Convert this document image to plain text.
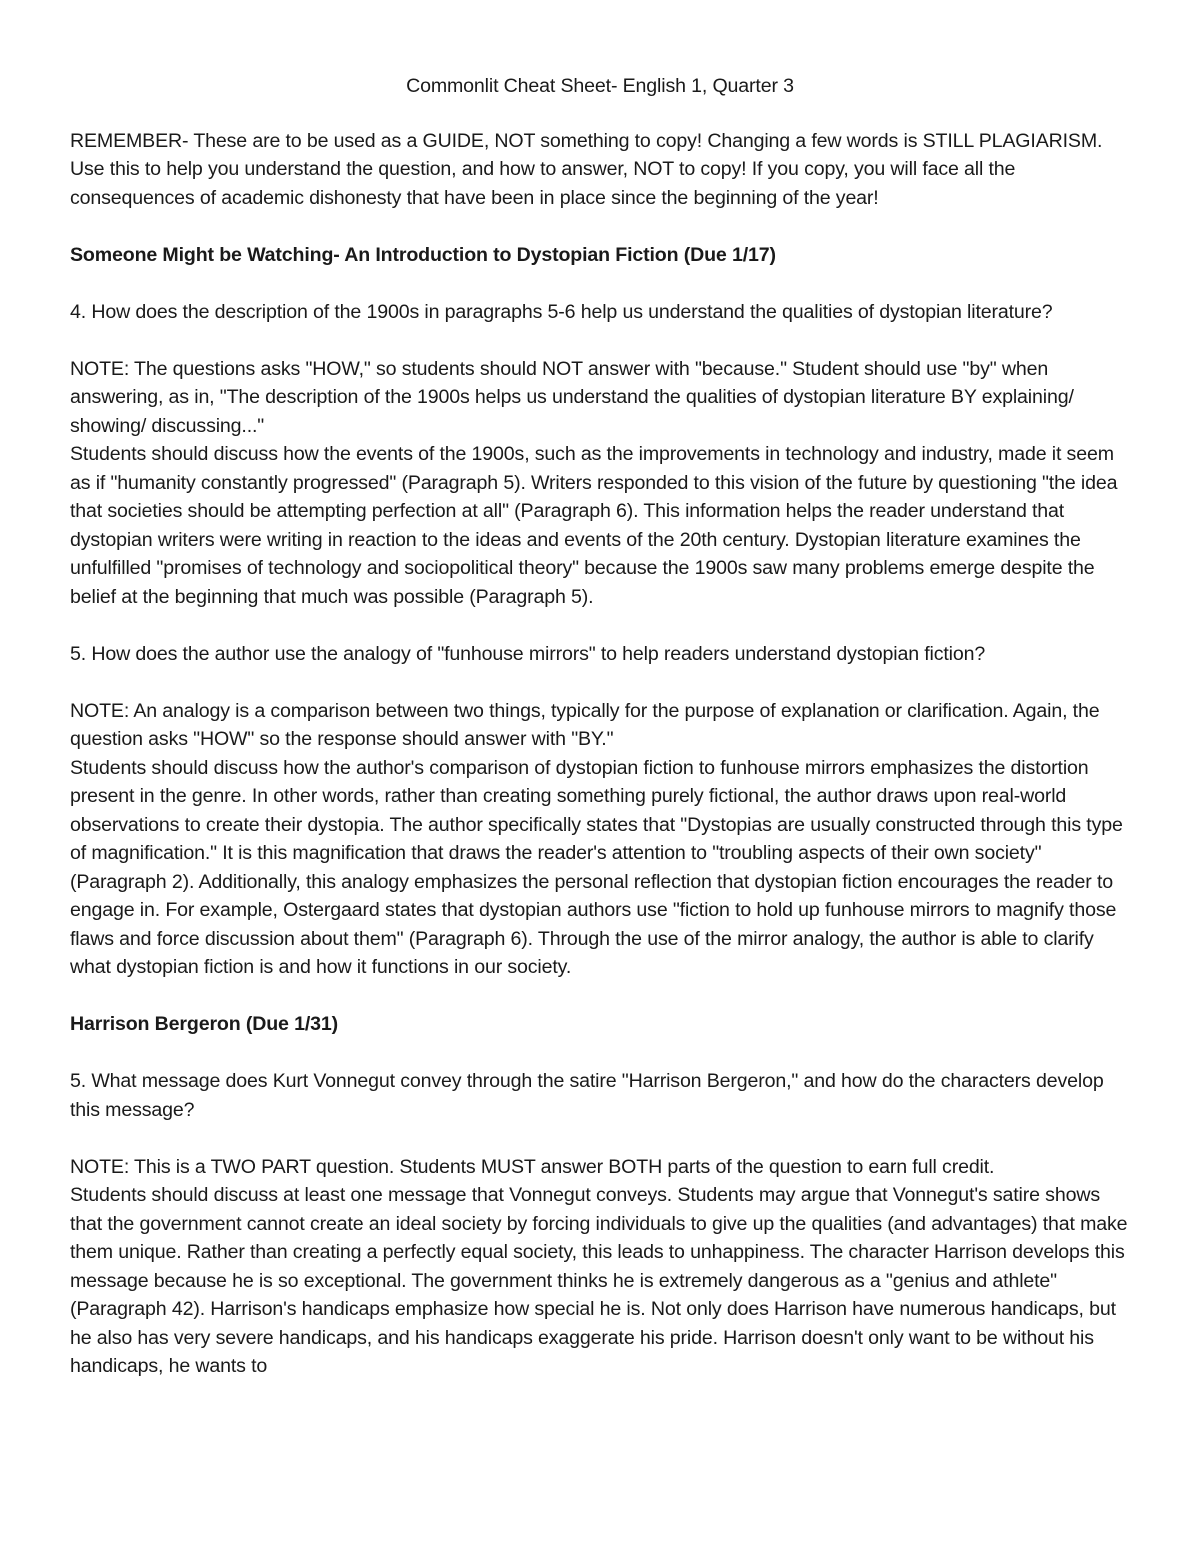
Commonlit Cheat Sheet- English 1, Quarter 3

REMEMBER- These are to be used as a GUIDE, NOT something to copy! Changing a few words is STILL PLAGIARISM. Use this to help you understand the question, and how to answer, NOT to copy! If you copy, you will face all the consequences of academic dishonesty that have been in place since the beginning of the year!

Someone Might be Watching- An Introduction to Dystopian Fiction (Due 1/17)

4. How does the description of the 1900s in paragraphs 5-6 help us understand the qualities of dystopian literature?

NOTE: The questions asks "HOW," so students should NOT answer with "because." Student should use "by" when answering, as in, "The description of the 1900s helps us understand the qualities of dystopian literature BY explaining/ showing/ discussing..."

Students should discuss how the events of the 1900s, such as the improvements in technology and industry, made it seem as if "humanity constantly progressed" (Paragraph 5). Writers responded to this vision of the future by questioning "the idea that societies should be attempting perfection at all" (Paragraph 6). This information helps the reader understand that dystopian writers were writing in reaction to the ideas and events of the 20th century. Dystopian literature examines the unfulfilled "promises of technology and sociopolitical theory" because the 1900s saw many problems emerge despite the belief at the beginning that much was possible (Paragraph 5).

5. How does the author use the analogy of "funhouse mirrors" to help readers understand dystopian fiction?

NOTE: An analogy is a comparison between two things, typically for the purpose of explanation or clarification. Again, the question asks "HOW" so the response should answer with "BY."

Students should discuss how the author's comparison of dystopian fiction to funhouse mirrors emphasizes the distortion present in the genre. In other words, rather than creating something purely fictional, the author draws upon real-world observations to create their dystopia. The author specifically states that "Dystopias are usually constructed through this type of magnification." It is this magnification that draws the reader's attention to "troubling aspects of their own society" (Paragraph 2). Additionally, this analogy emphasizes the personal reflection that dystopian fiction encourages the reader to engage in. For example, Ostergaard states that dystopian authors use "fiction to hold up funhouse mirrors to magnify those flaws and force discussion about them" (Paragraph 6). Through the use of the mirror analogy, the author is able to clarify what dystopian fiction is and how it functions in our society.

Harrison Bergeron (Due 1/31)

5. What message does Kurt Vonnegut convey through the satire "Harrison Bergeron," and how do the characters develop this message?

NOTE: This is a TWO PART question. Students MUST answer BOTH parts of the question to earn full credit.

Students should discuss at least one message that Vonnegut conveys. Students may argue that Vonnegut's satire shows that the government cannot create an ideal society by forcing individuals to give up the qualities (and advantages) that make them unique. Rather than creating a perfectly equal society, this leads to unhappiness. The character Harrison develops this message because he is so exceptional. The government thinks he is extremely dangerous as a "genius and athlete" (Paragraph 42). Harrison's handicaps emphasize how special he is. Not only does Harrison have numerous handicaps, but he also has very severe handicaps, and his handicaps exaggerate his pride. Harrison doesn't only want to be without his handicaps, he wants to
